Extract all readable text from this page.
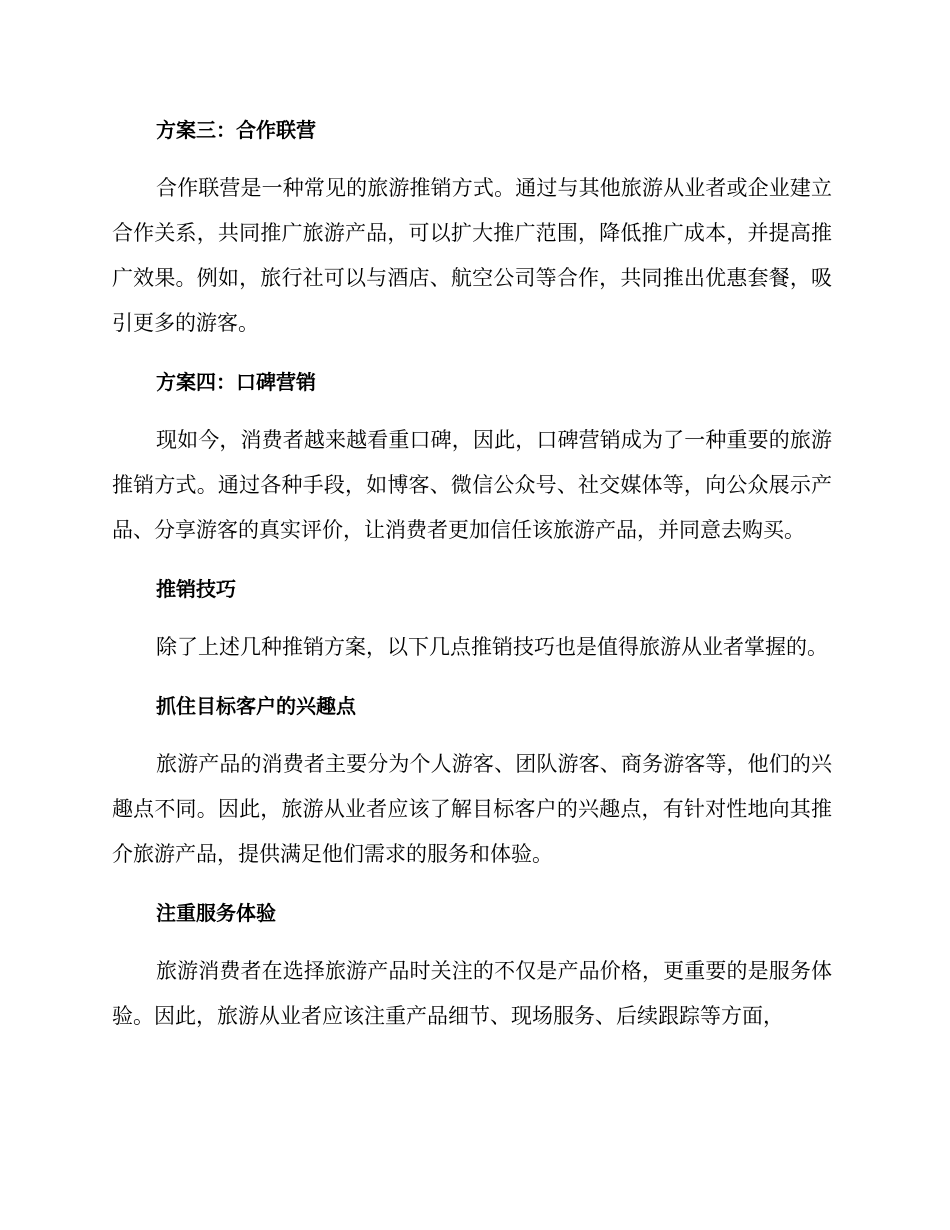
方案三：合作联营

合作联营是一种常见的旅游推销方式。通过与其他旅游从业者或企业建立合作关系，共同推广旅游产品，可以扩大推广范围，降低推广成本，并提高推广效果。例如，旅行社可以与酒店、航空公司等合作，共同推出优惠套餐，吸引更多的游客。

方案四：口碑营销

现如今，消费者越来越看重口碑，因此，口碑营销成为了一种重要的旅游推销方式。通过各种手段，如博客、微信公众号、社交媒体等，向公众展示产品、分享游客的真实评价，让消费者更加信任该旅游产品，并同意去购买。

推销技巧

除了上述几种推销方案，以下几点推销技巧也是值得旅游从业者掌握的。

抓住目标客户的兴趣点

旅游产品的消费者主要分为个人游客、团队游客、商务游客等，他们的兴趣点不同。因此，旅游从业者应该了解目标客户的兴趣点，有针对性地向其推介旅游产品，提供满足他们需求的服务和体验。

注重服务体验

旅游消费者在选择旅游产品时关注的不仅是产品价格，更重要的是服务体验。因此，旅游从业者应该注重产品细节、现场服务、后续跟踪等方面，
